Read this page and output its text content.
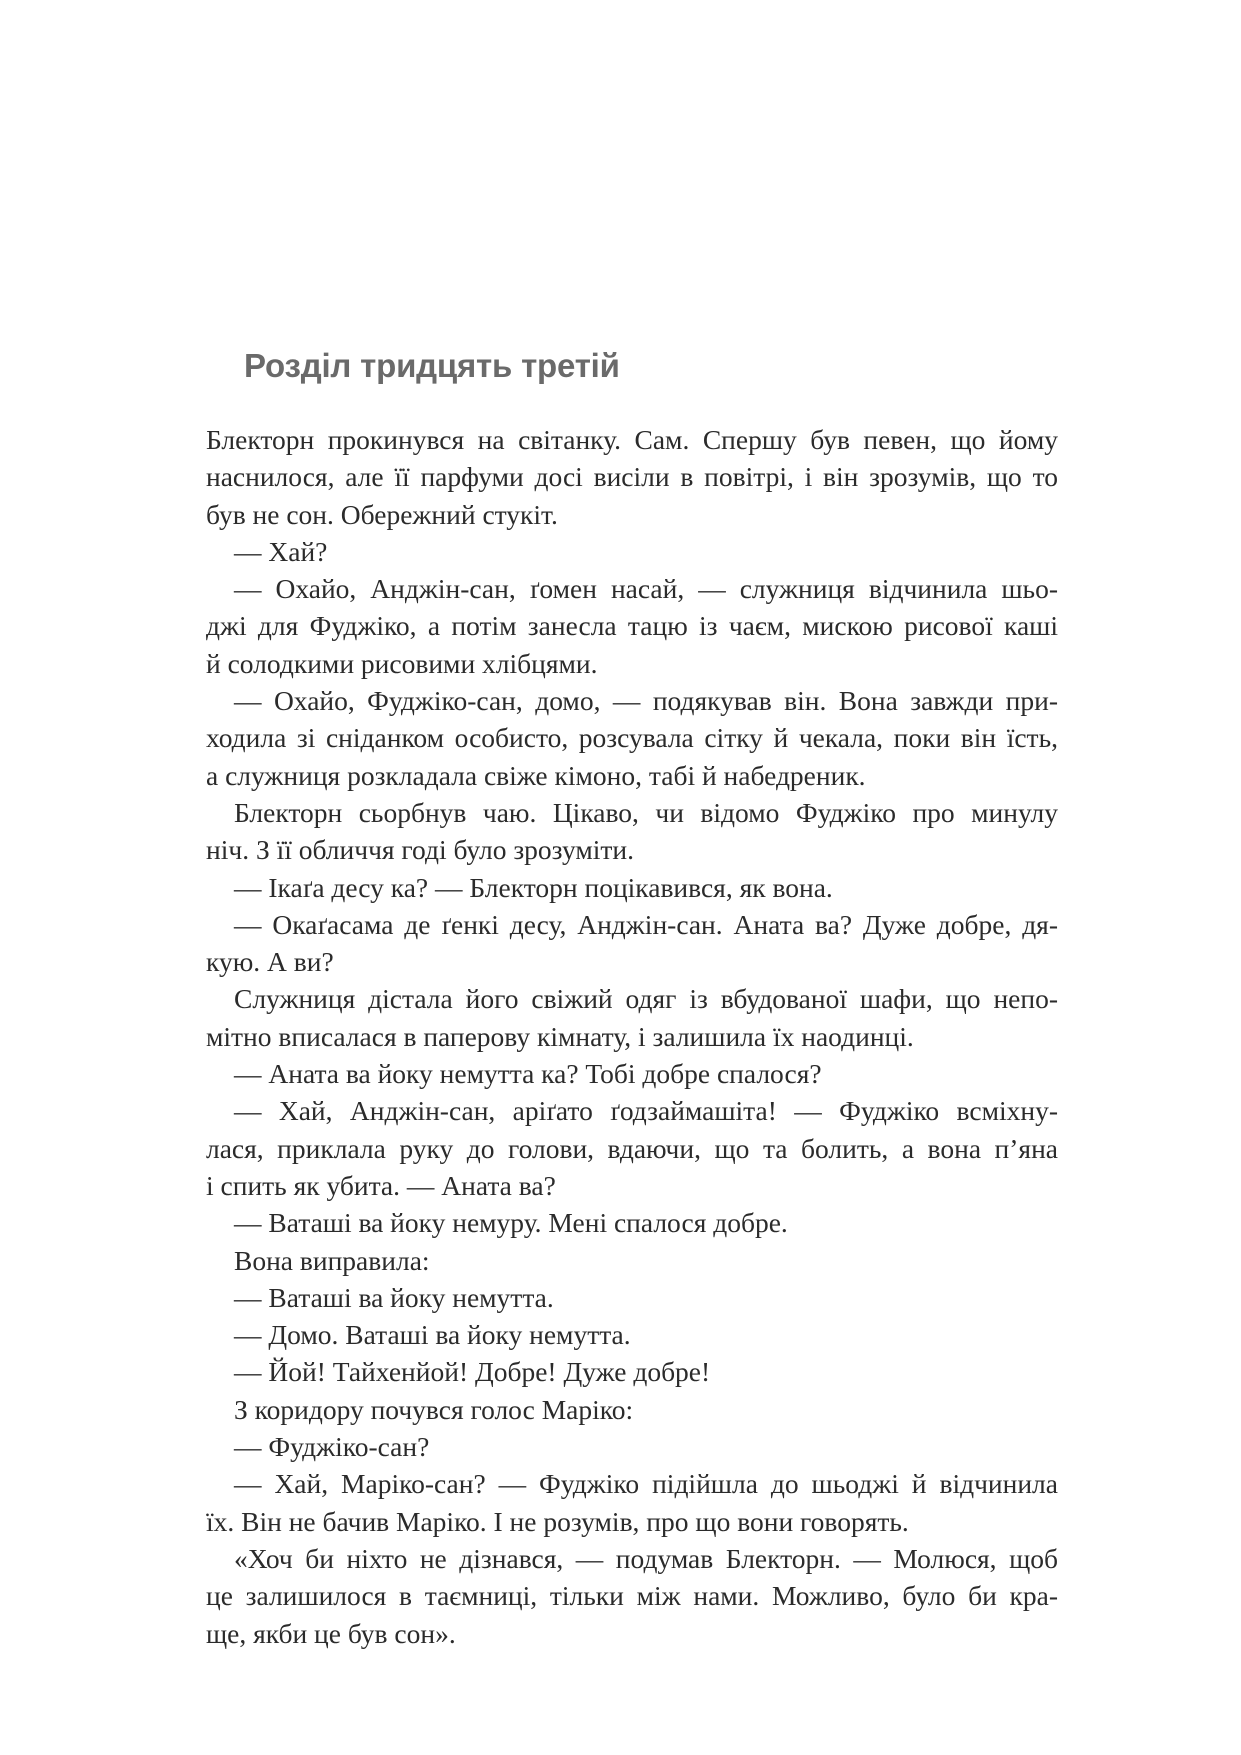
Розділ тридцять третій
Блекторн прокинувся на світанку. Сам. Спершу був певен, що йому
наснилося, але її парфуми досі висіли в повітрі, і він зрозумів, що то
був не сон. Обережний стукіт.
— Хай?
— Охайо, Анджін-сан, ґомен насай, — служниця відчинила шьо-
джі для Фуджіко, а потім занесла тацю із чаєм, мискою рисової каші
й солодкими рисовими хлібцями.
— Охайо, Фуджіко-сан, домо, — подякував він. Вона завжди при-
ходила зі сніданком особисто, розсувала сітку й чекала, поки він їсть,
а служниця розкладала свіже кімоно, табі й набедреник.
Блекторн сьорбнув чаю. Цікаво, чи відомо Фуджіко про минулу
ніч. З її обличчя годі було зрозуміти.
— Ікаґа десу ка? — Блекторн поцікавився, як вона.
— Окаґасама де ґенкі десу, Анджін-сан. Аната ва? Дуже добре, дя-
кую. А ви?
Служниця дістала його свіжий одяг із вбудованої шафи, що непо-
мітно вписалася в паперову кімнату, і залишила їх наодинці.
— Аната ва йоку немутта ка? Тобі добре спалося?
— Хай, Анджін-сан, аріґато ґодзаймашіта! — Фуджіко всміхну-
лася, приклала руку до голови, вдаючи, що та болить, а вона п’яна
і спить як убита. — Аната ва?
— Ваташі ва йоку немуру. Мені спалося добре.
Вона виправила:
— Ваташі ва йоку немутта.
— Домо. Ваташі ва йоку немутта.
— Йой! Тайхенйой! Добре! Дуже добре!
З коридору почувся голос Маріко:
— Фуджіко-сан?
— Хай, Маріко-сан? — Фуджіко підійшла до шьоджі й відчинила
їх. Він не бачив Маріко. І не розумів, про що вони говорять.
«Хоч би ніхто не дізнався, — подумав Блекторн. — Молюся, щоб
це залишилося в таємниці, тільки між нами. Можливо, було би кра-
ще, якби це був сон».
